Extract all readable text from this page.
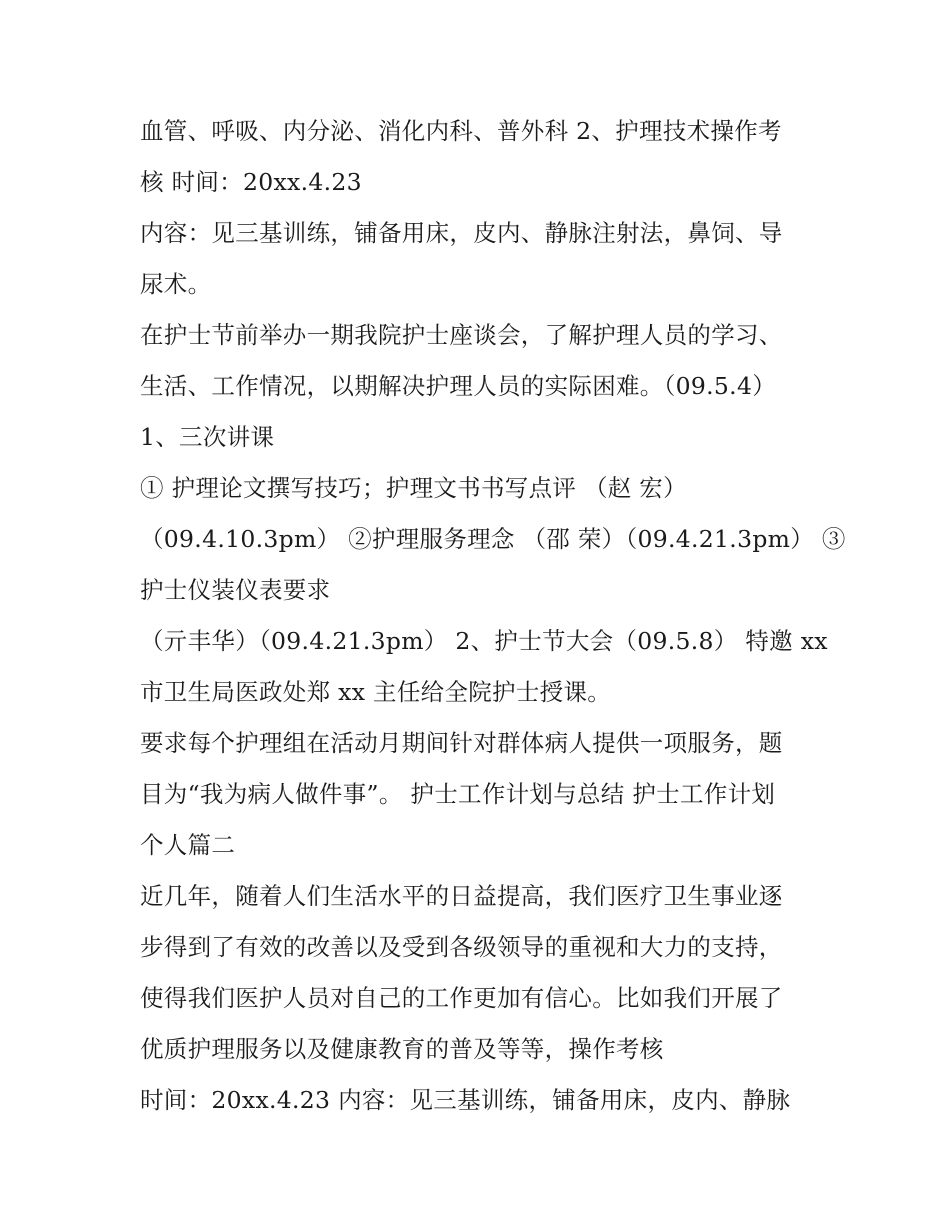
血管、呼吸、内分泌、消化内科、普外科 2、护理技术操作考
核 时间：20xx.4.23
内容：见三基训练，铺备用床，皮内、静脉注射法，鼻饲、导
尿术。
在护士节前举办一期我院护士座谈会，了解护理人员的学习、
生活、工作情况，以期解决护理人员的实际困难。（09.5.4）
1、三次讲课
① 护理论文撰写技巧；护理文书书写点评 （赵 宏）
（09.4.10.3pm） ②护理服务理念 （邵 荣）（09.4.21.3pm） ③
护士仪装仪表要求
（亓丰华）（09.4.21.3pm） 2、护士节大会（09.5.8） 特邀 xx
市卫生局医政处郑 xx 主任给全院护士授课。
要求每个护理组在活动月期间针对群体病人提供一项服务，题
目为“我为病人做件事”。 护士工作计划与总结 护士工作计划
个人篇二
近几年，随着人们生活水平的日益提高，我们医疗卫生事业逐
步得到了有效的改善以及受到各级领导的重视和大力的支持，
使得我们医护人员对自己的工作更加有信心。比如我们开展了
优质护理服务以及健康教育的普及等等，操作考核
时间：20xx.4.23 内容：见三基训练，铺备用床，皮内、静脉
